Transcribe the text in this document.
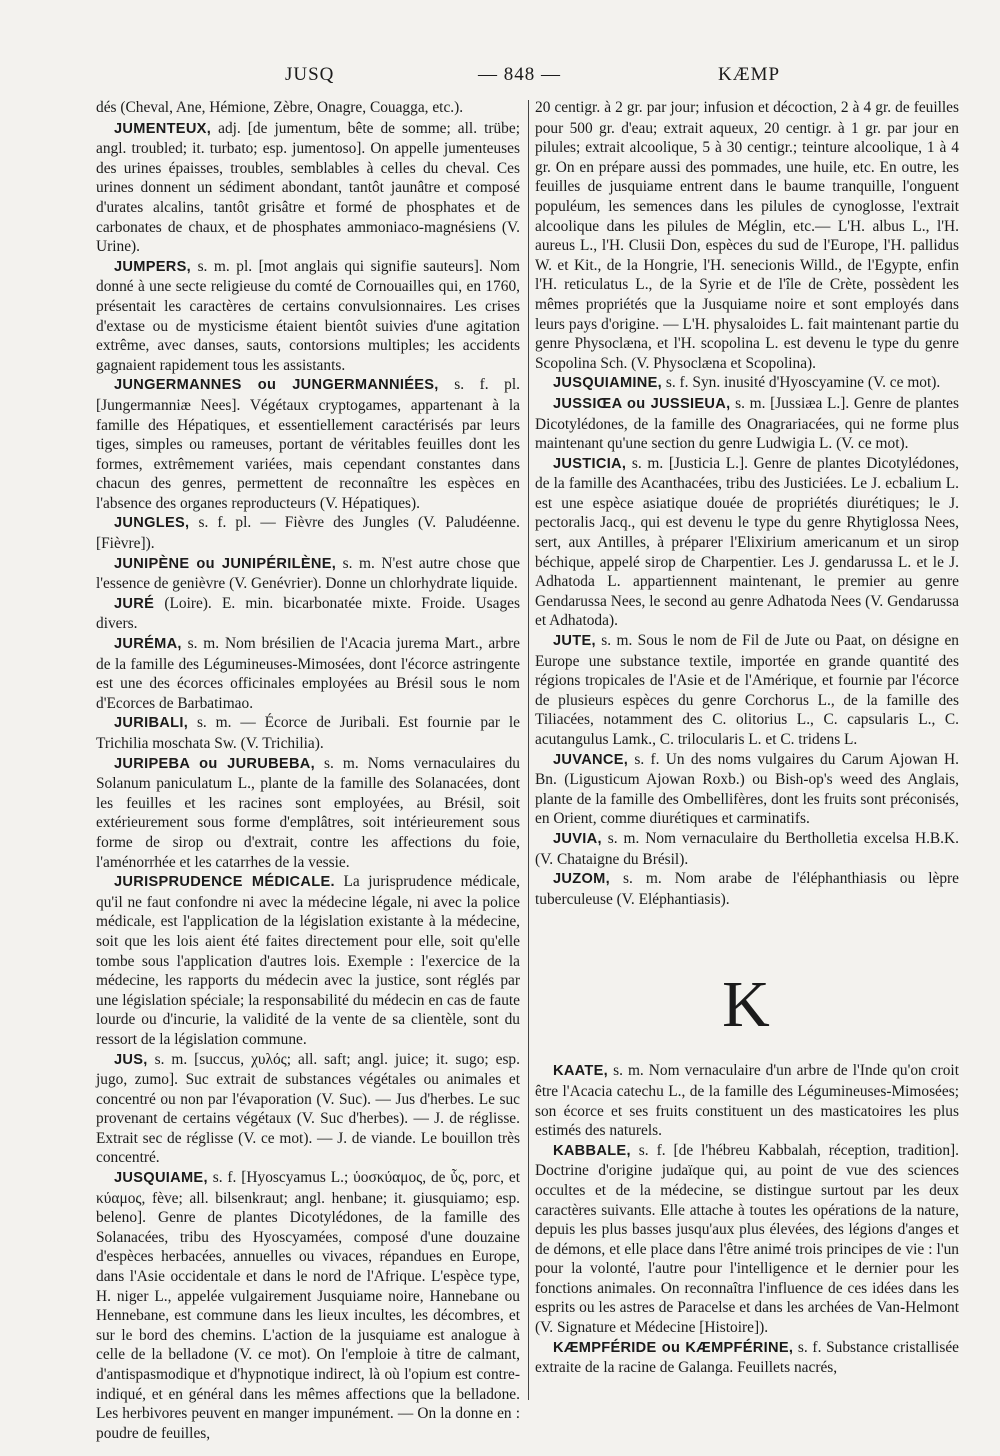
JUSQ	— 848 —	KÆMP

dés (Cheval, Ane, Hémione, Zèbre, Onagre, Couagga, etc.).

JUMENTEUX, adj. [de jumentum, bête de somme; all. trübe; angl. troubled; it. turbato; esp. jumentoso]. On appelle jumenteuses des urines épaisses, troubles, semblables à celles du cheval. Ces urines donnent un sédiment abondant, tantôt jaunâtre et composé d'urates alcalins, tantôt grisâtre et formé de phosphates et de carbonates de chaux, et de phosphates ammoniaco-magnésiens (V. Urine).

JUMPERS, s. m. pl. [mot anglais qui signifie sauteurs]. Nom donné à une secte religieuse du comté de Cornouailles qui, en 1760, présentait les caractères de certains convulsionnaires. Les crises d'extase ou de mysticisme étaient bientôt suivies d'une agitation extrême, avec danses, sauts, contorsions multiples; les accidents gagnaient rapidement tous les assistants.

JUNGERMANNES ou JUNGERMANNIÉES, s. f. pl. [Jungermanniæ Nees]. Végétaux cryptogames, appartenant à la famille des Hépatiques, et essentiellement caractérisés par leurs tiges, simples ou rameuses, portant de véritables feuilles dont les formes, extrêmement variées, mais cependant constantes dans chacun des genres, permettent de reconnaître les espèces en l'absence des organes reproducteurs (V. Hépatiques).

JUNGLES, s. f. pl. — Fièvre des Jungles (V. Paludéenne. [Fièvre]).

JUNIPÈNE ou JUNIPÉRILÈNE, s. m. N'est autre chose que l'essence de genièvre (V. Genévrier). Donne un chlorhydrate liquide.

JURÉ (Loire). E. min. bicarbonatée mixte. Froide. Usages divers.

JURÉMA, s. m. Nom brésilien de l'Acacia jurema Mart., arbre de la famille des Légumineuses-Mimosées, dont l'écorce astringente est une des écorces officinales employées au Brésil sous le nom d'Ecorces de Barbatimao.

JURIBALI, s. m. — Écorce de Juribali. Est fournie par le Trichilia moschata Sw. (V. Trichilia).

JURIPEBA ou JURUBEBA, s. m. Noms vernaculaires du Solanum paniculatum L., plante de la famille des Solanacées, dont les feuilles et les racines sont employées, au Brésil, soit extérieurement sous forme d'emplâtres, soit intérieurement sous forme de sirop ou d'extrait, contre les affections du foie, l'aménorrhée et les catarrhes de la vessie.

JURISPRUDENCE MÉDICALE. La jurisprudence médicale, qu'il ne faut confondre ni avec la médecine légale, ni avec la police médicale, est l'application de la législation existante à la médecine, soit que les lois aient été faites directement pour elle, soit qu'elle tombe sous l'application d'autres lois. Exemple : l'exercice de la médecine, les rapports du médecin avec la justice, sont réglés par une législation spéciale; la responsabilité du médecin en cas de faute lourde ou d'incurie, la validité de la vente de sa clientèle, sont du ressort de la législation commune.

JUS, s. m. [succus, χυλός; all. saft; angl. juice; it. sugo; esp. jugo, zumo]. Suc extrait de substances végétales ou animales et concentré ou non par l'évaporation (V. Suc). — Jus d'herbes. Le suc provenant de certains végétaux (V. Suc d'herbes). — J. de réglisse. Extrait sec de réglisse (V. ce mot). — J. de viande. Le bouillon très concentré.

JUSQUIAME, s. f. [Hyoscyamus L.; ὑοσκύαμος, de ὗς, porc, et κύαμος, fève; all. bilsenkraut; angl. henbane; it. giusquiamo; esp. beleno]. Genre de plantes Dicotylédones, de la famille des Solanacées, tribu des Hyoscyamées, composé d'une douzaine d'espèces herbacées, annuelles ou vivaces, répandues en Europe, dans l'Asie occidentale et dans le nord de l'Afrique. L'espèce type, H. niger L., appelée vulgairement Jusquiame noire, Hannebane ou Hennebane, est commune dans les lieux incultes, les décombres, et sur le bord des chemins. L'action de la jusquiame est analogue à celle de la belladone (V. ce mot). On l'emploie à titre de calmant, d'antispasmodique et d'hypnotique indirect, là où l'opium est contre-indiqué, et en général dans les mêmes affections que la belladone. Les herbivores peuvent en manger impunément. — On la donne en : poudre de feuilles,

20 centigr. à 2 gr. par jour; infusion et décoction, 2 à 4 gr. de feuilles pour 500 gr. d'eau; extrait aqueux, 20 centigr. à 1 gr. par jour en pilules; extrait alcoolique, 5 à 30 centigr.; teinture alcoolique, 1 à 4 gr. On en prépare aussi des pommades, une huile, etc. En outre, les feuilles de jusquiame entrent dans le baume tranquille, l'onguent populéum, les semences dans les pilules de cynoglosse, l'extrait alcoolique dans les pilules de Méglin, etc.— L'H. albus L., l'H. aureus L., l'H. Clusii Don, espèces du sud de l'Europe, l'H. pallidus W. et Kit., de la Hongrie, l'H. senecionis Willd., de l'Egypte, enfin l'H. reticulatus L., de la Syrie et de l'île de Crète, possèdent les mêmes propriétés que la Jusquiame noire et sont employés dans leurs pays d'origine. — L'H. physaloides L. fait maintenant partie du genre Physoclæna, et l'H. scopolina L. est devenu le type du genre Scopolina Sch. (V. Physoclæna et Scopolina).

JUSQUIAMINE, s. f. Syn. inusité d'Hyoscyamine (V. ce mot).

JUSSIŒA ou JUSSIEUA, s. m. [Jussiæa L.]. Genre de plantes Dicotylédones, de la famille des Onagrariacées, qui ne forme plus maintenant qu'une section du genre Ludwigia L. (V. ce mot).

JUSTICIA, s. m. [Justicia L.]. Genre de plantes Dicotylédones, de la famille des Acanthacées, tribu des Justiciées. Le J. ecbalium L. est une espèce asiatique douée de propriétés diurétiques; le J. pectoralis Jacq., qui est devenu le type du genre Rhytiglossa Nees, sert, aux Antilles, à préparer l'Elixirium americanum et un sirop béchique, appelé sirop de Charpentier. Les J. gendarussa L. et le J. Adhatoda L. appartiennent maintenant, le premier au genre Gendarussa Nees, le second au genre Adhatoda Nees (V. Gendarussa et Adhatoda).

JUTE, s. m. Sous le nom de Fil de Jute ou Paat, on désigne en Europe une substance textile, importée en grande quantité des régions tropicales de l'Asie et de l'Amérique, et fournie par l'écorce de plusieurs espèces du genre Corchorus L., de la famille des Tiliacées, notamment des C. olitorius L., C. capsularis L., C. acutangulus Lamk., C. trilocularis L. et C. tridens L.

JUVANCE, s. f. Un des noms vulgaires du Carum Ajowan H. Bn. (Ligusticum Ajowan Roxb.) ou Bish-op's weed des Anglais, plante de la famille des Ombellifères, dont les fruits sont préconisés, en Orient, comme diurétiques et carminatifs.

JUVIA, s. m. Nom vernaculaire du Bertholletia excelsa H.B.K. (V. Chataigne du Brésil).

JUZOM, s. m. Nom arabe de l'éléphanthiasis ou lèpre tuberculeuse (V. Eléphantiasis).

K

KAATE, s. m. Nom vernaculaire d'un arbre de l'Inde qu'on croit être l'Acacia catechu L., de la famille des Légumineuses-Mimosées; son écorce et ses fruits constituent un des masticatoires les plus estimés des naturels.

KABBALE, s. f. [de l'hébreu Kabbalah, réception, tradition]. Doctrine d'origine judaïque qui, au point de vue des sciences occultes et de la médecine, se distingue surtout par les deux caractères suivants. Elle attache à toutes les opérations de la nature, depuis les plus basses jusqu'aux plus élevées, des légions d'anges et de démons, et elle place dans l'être animé trois principes de vie : l'un pour la volonté, l'autre pour l'intelligence et le dernier pour les fonctions animales. On reconnaîtra l'influence de ces idées dans les esprits ou les astres de Paracelse et dans les archées de Van-Helmont (V. Signature et Médecine [Histoire]).

KÆMPFÉRIDE ou KÆMPFÉRINE, s. f. Substance cristallisée extraite de la racine de Galanga. Feuillets nacrés,
